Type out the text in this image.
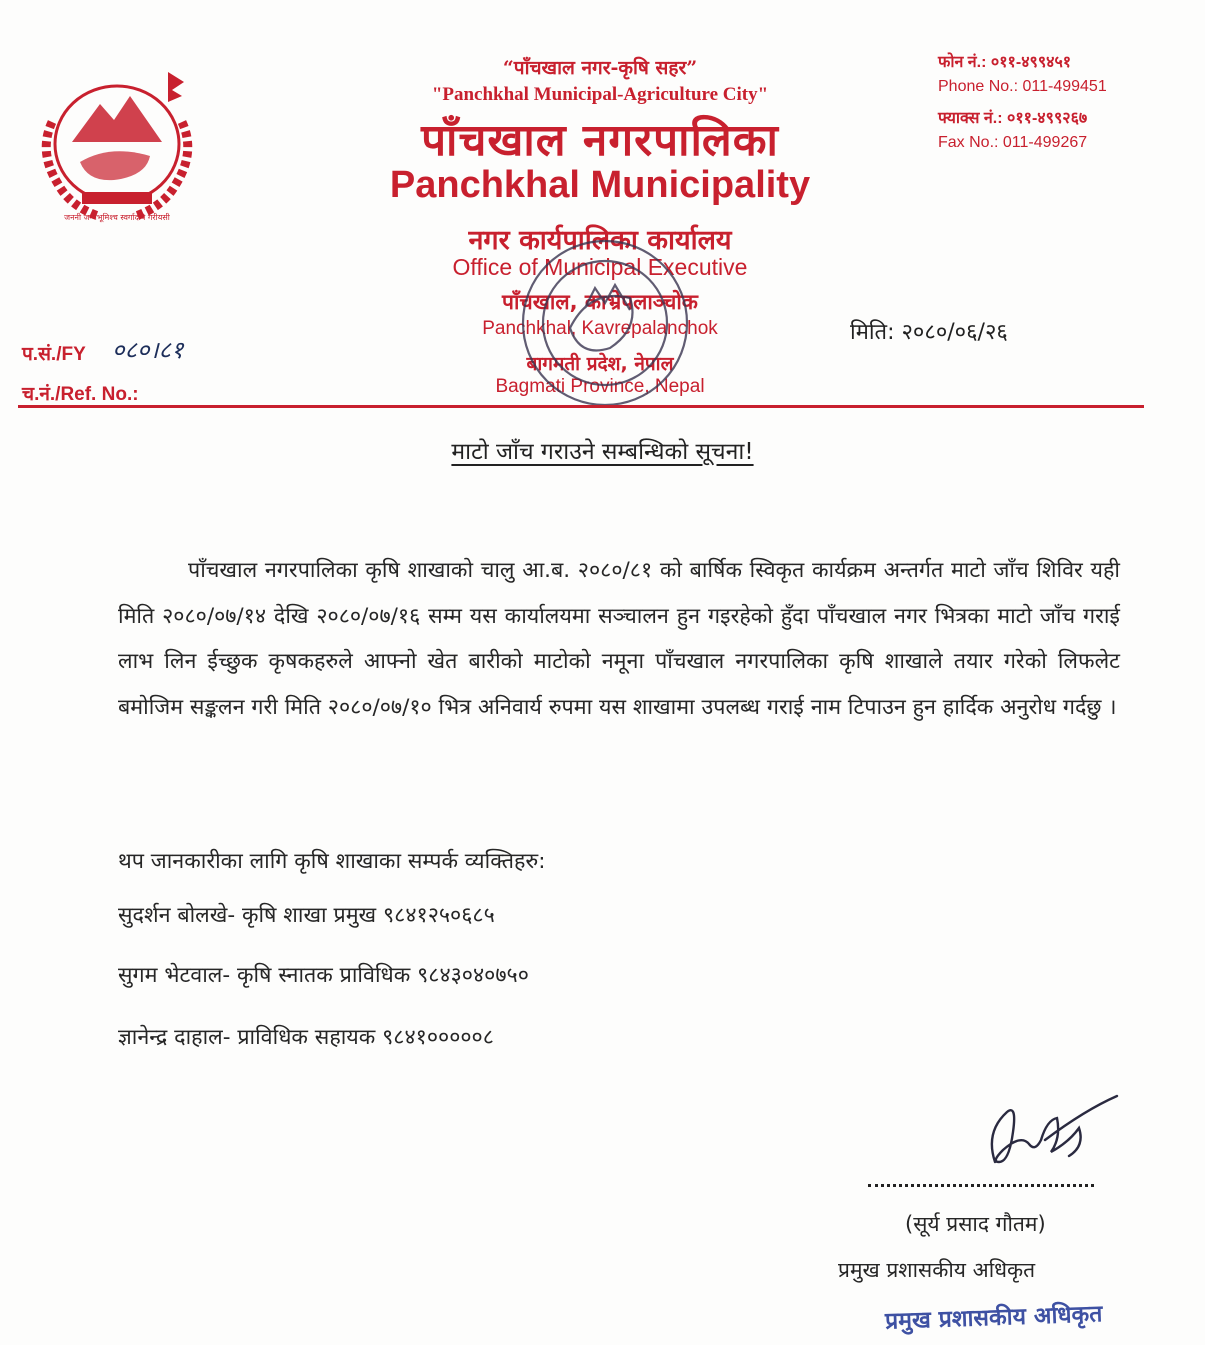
जननी जन्मभूमिश्च स्वर्गादपि गरीयसी
“पाँचखाल नगर-कृषि सहर”
"Panchkhal Municipal-Agriculture City"
पाँचखाल नगरपालिका
Panchkhal Municipality
नगर कार्यपालिका कार्यालय
Office of Municipal Executive
पाँचखाल, काभ्रेपलाञ्चोक
Panchkhal, Kavrepalanchok
बागमती प्रदेश, नेपाल
Bagmati Province, Nepal
फोन नं.: ०११-४९९४५१
Phone No.: 011-499451
फ्याक्स नं.: ०११-४९९२६७
Fax No.: 011-499267
प.सं./FY ०८०।८१
च.नं./Ref. No.:
मिति: २०८०/०६/२६
माटो जाँच गराउने सम्बन्धिको सूचना!
पाँचखाल नगरपालिका कृषि शाखाको चालु आ.ब. २०८०/८१ को बार्षिक स्विकृत कार्यक्रम अन्तर्गत माटो जाँच शिविर यही मिति २०८०/०७/१४ देखि २०८०/०७/१६ सम्म यस कार्यालयमा सञ्चालन हुन गइरहेको हुँदा पाँचखाल नगर भित्रका माटो जाँच गराई लाभ लिन ईच्छुक कृषकहरुले आफ्नो खेत बारीको माटोको नमूना पाँचखाल नगरपालिका कृषि शाखाले तयार गरेको लिफलेट बमोजिम सङ्कलन गरी मिति २०८०/०७/१० भित्र अनिवार्य रुपमा यस शाखामा उपलब्ध गराई नाम टिपाउन हुन हार्दिक अनुरोध गर्दछु ।
थप जानकारीका लागि कृषि शाखाका सम्पर्क व्यक्तिहरु:
सुदर्शन बोलखे- कृषि शाखा प्रमुख ९८४१२५०६८५
सुगम भेटवाल- कृषि स्नातक प्राविधिक ९८४३०४०७५०
ज्ञानेन्द्र दाहाल- प्राविधिक सहायक ९८४१०००००८
(सूर्य प्रसाद गौतम)
प्रमुख प्रशासकीय अधिकृत
प्रमुख प्रशासकीय अधिकृत
